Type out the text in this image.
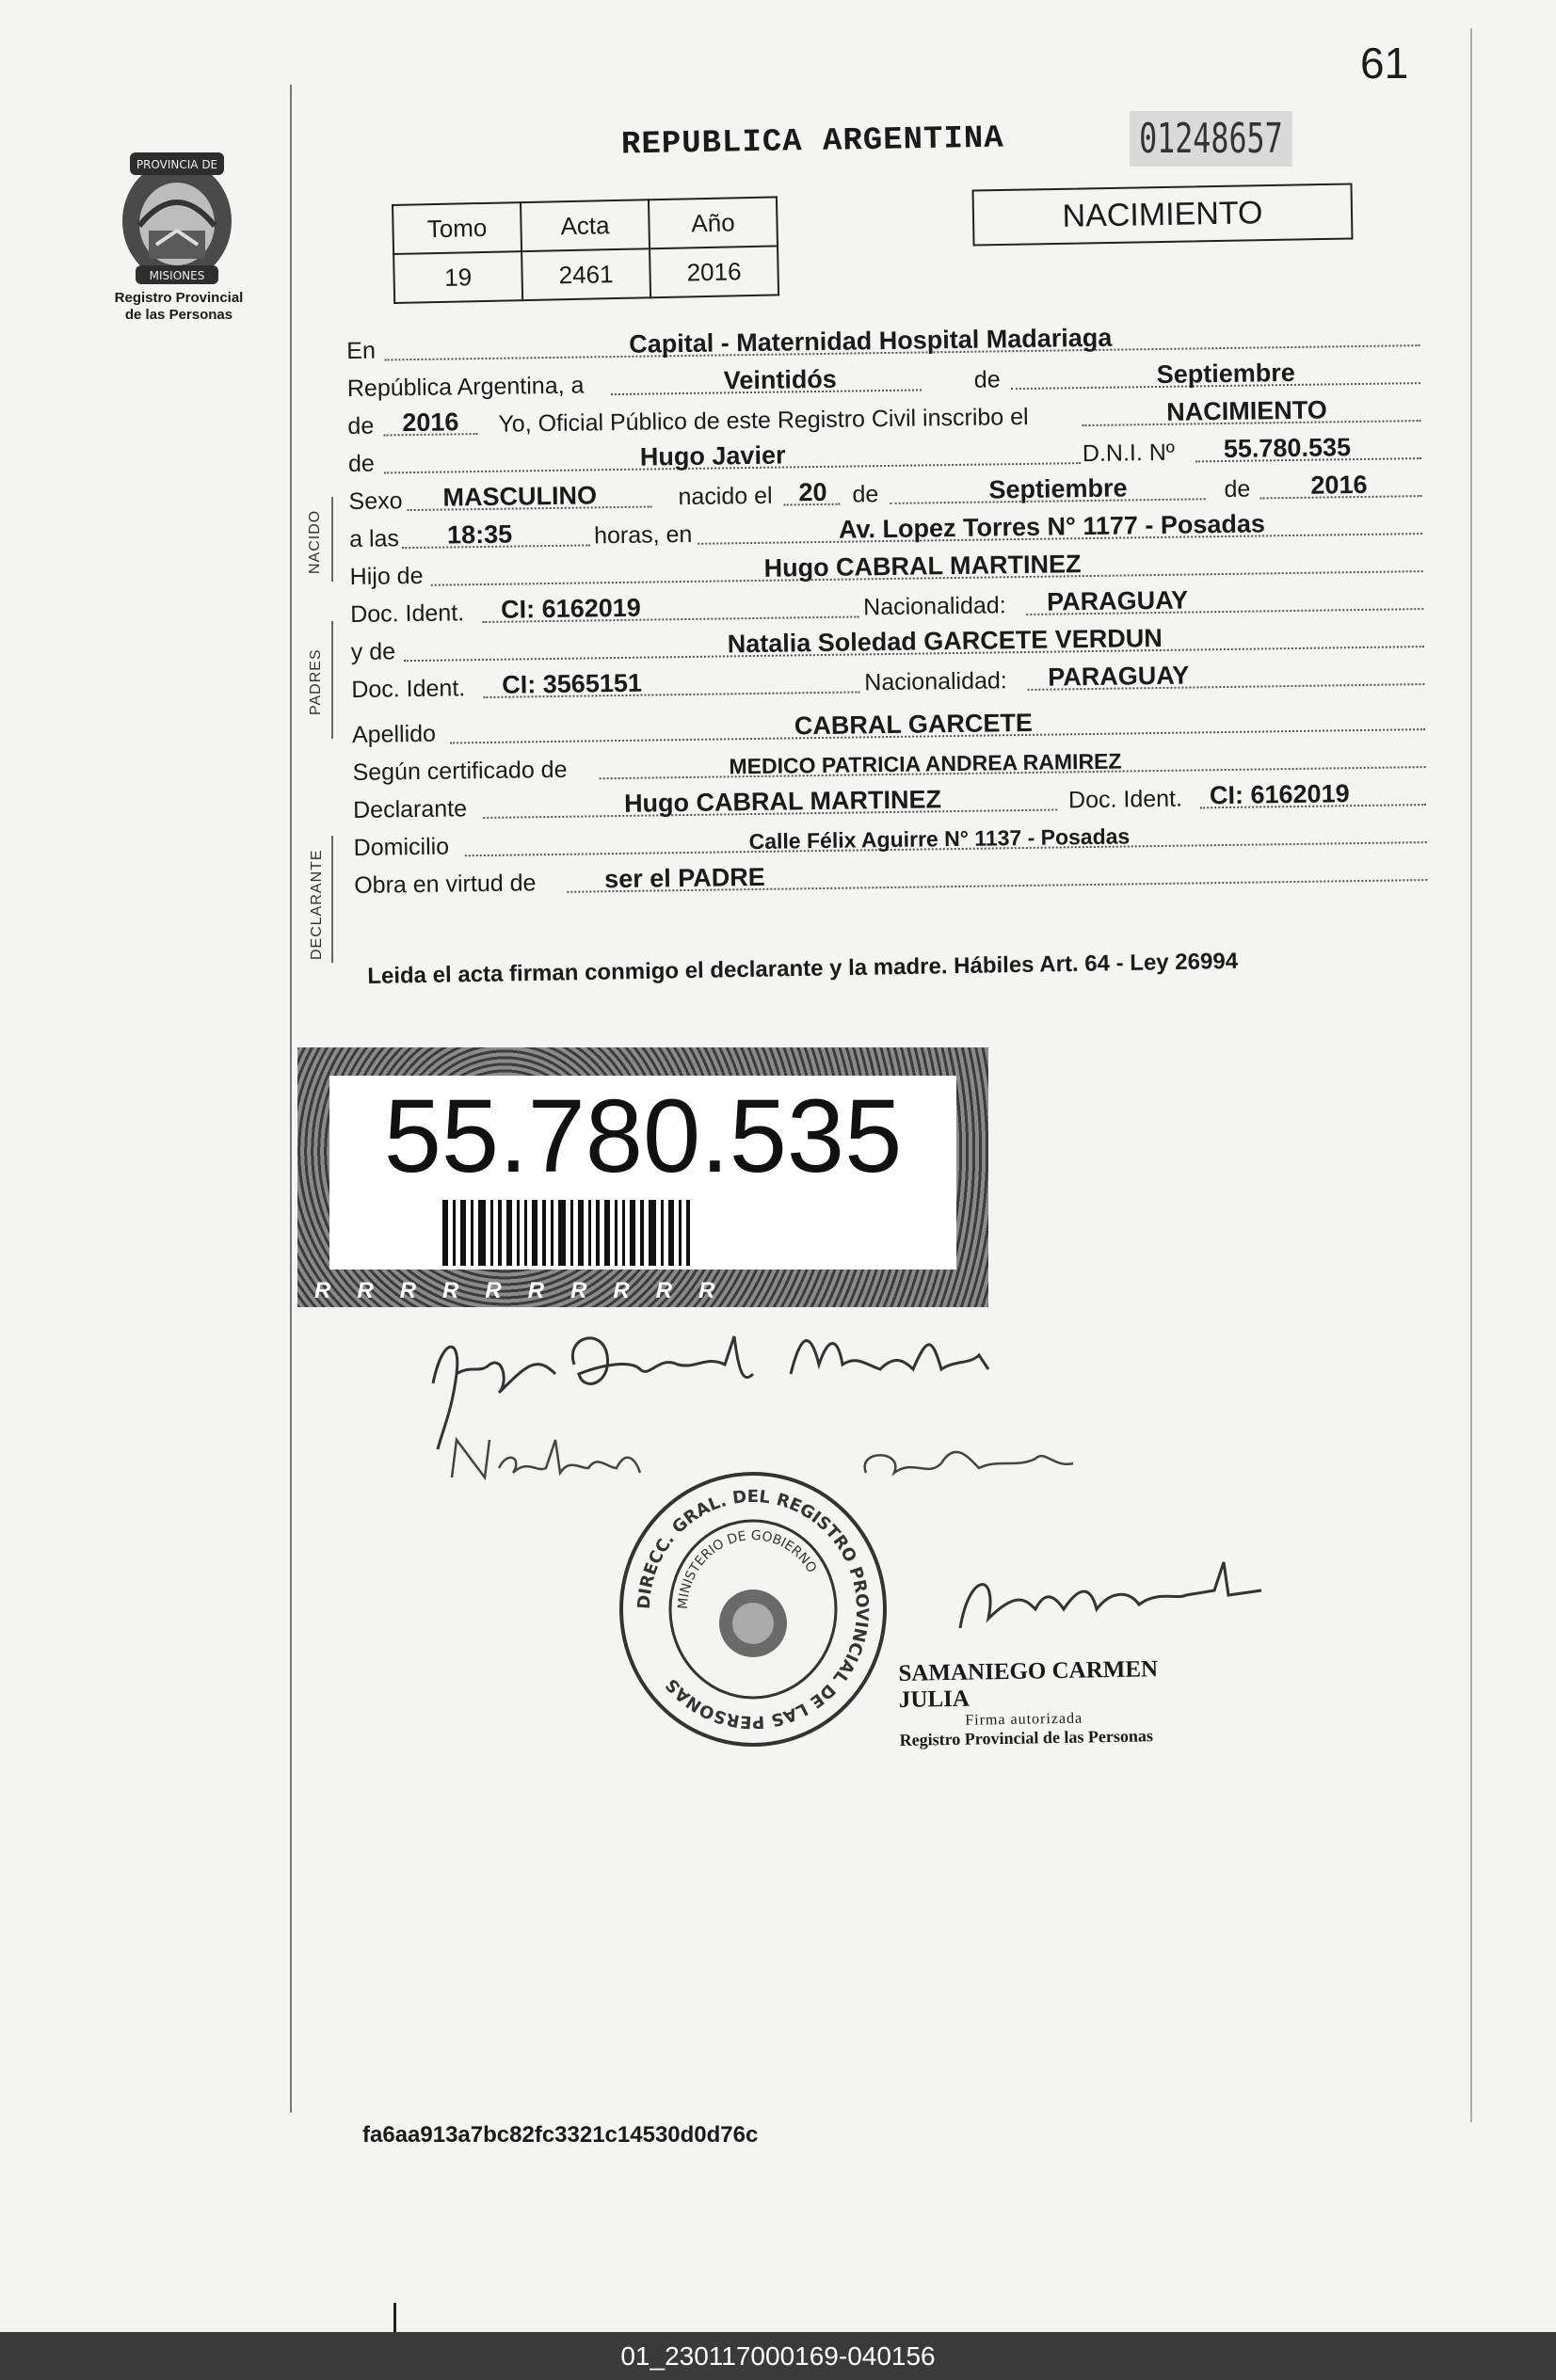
61
PROVINCIA DE
MISIONES
Registro Provincial
de las Personas
REPUBLICA ARGENTINA	01248657
NACIMIENTO
Tomo	Acta	Año
19	2461	2016
NACIDO
PADRES
DECLARANTE
En	Capital - Maternidad Hospital Madariaga
República Argentina, a	Veintidós	de	Septiembre
de 2016 Yo, Oficial Público de este Registro Civil inscribo el	NACIMIENTO
de	Hugo Javier	D.N.I. Nº 55.780.535
Sexo MASCULINO	nacido el 20 de	Septiembre	de 2016
a las 18:35	horas, en	Av. Lopez Torres N° 1177 - Posadas
Hijo de	Hugo CABRAL MARTINEZ
Doc. Ident. CI: 6162019	Nacionalidad: PARAGUAY
y de	Natalia Soledad GARCETE VERDUN
Doc. Ident. CI: 3565151	Nacionalidad: PARAGUAY
Apellido	CABRAL GARCETE
Según certificado de	MEDICO PATRICIA ANDREA RAMIREZ
Declarante	Hugo CABRAL MARTINEZ	Doc. Ident. CI: 6162019
Domicilio	Calle Félix Aguirre N° 1137 - Posadas
Obra en virtud de	ser el PADRE
Leida el acta firman conmigo el declarante y la madre. Hábiles Art. 64 - Ley 26994
55.780.535
R R R R R R R R R R
DIRECC. GRAL. DEL REGISTRO PROVINCIAL DE LAS PERSONAS
MINISTERIO DE GOBIERNO
SAMANIEGO CARMEN JULIA
Firma autorizada
Registro Provincial de las Personas
fa6aa913a7bc82fc3321c14530d0d76c
01_230117000169-040156
